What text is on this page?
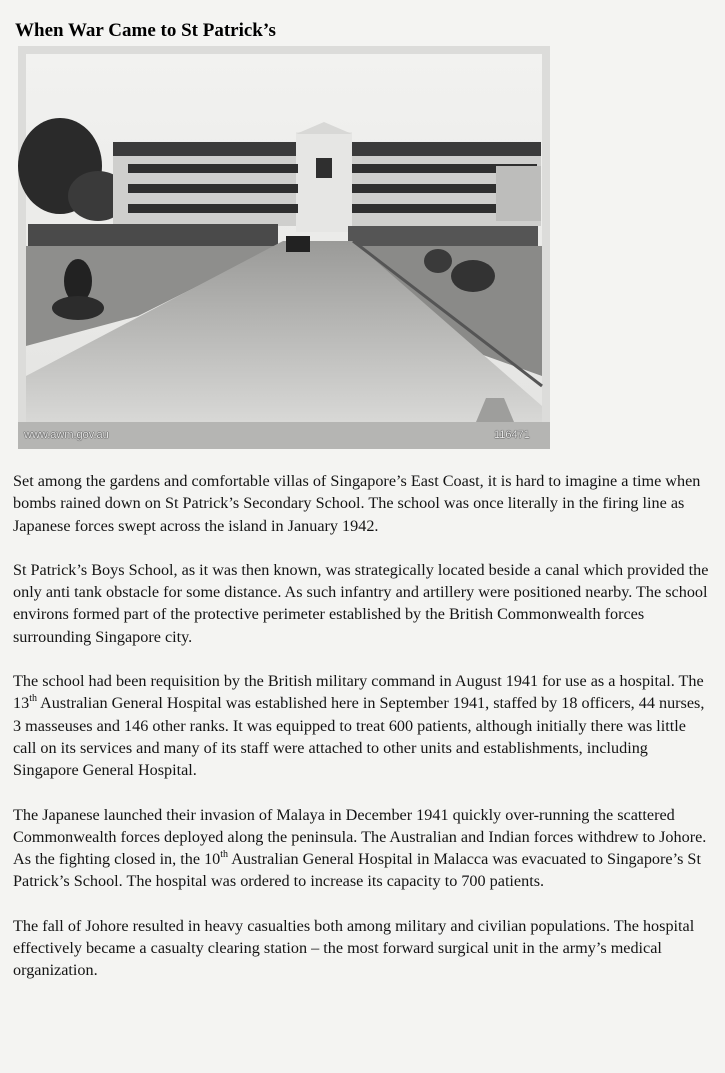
When War Came to St Patrick’s
www.awm.gov.au	116471

Set among the gardens and comfortable villas of Singapore’s East Coast, it is hard to imagine a time when bombs rained down on St Patrick’s Secondary School. The school was once literally in the firing line as Japanese forces swept across the island in January 1942.

St Patrick’s Boys School, as it was then known, was strategically located beside a canal which provided the only anti tank obstacle for some distance. As such infantry and artillery were positioned nearby. The school environs formed part of the protective perimeter established by the British Commonwealth forces surrounding Singapore city.

The school had been requisition by the British military command in August 1941 for use as a hospital. The 13th Australian General Hospital was established here in September 1941, staffed by 18 officers, 44 nurses, 3 masseuses and 146 other ranks. It was equipped to treat 600 patients, although initially there was little call on its services and many of its staff were attached to other units and establishments, including Singapore General Hospital.

The Japanese launched their invasion of Malaya in December 1941 quickly over-running the scattered Commonwealth forces deployed along the peninsula. The Australian and Indian forces withdrew to Johore. As the fighting closed in, the 10th Australian General Hospital in Malacca was evacuated to Singapore’s St Patrick’s School. The hospital was ordered to increase its capacity to 700 patients.

The fall of Johore resulted in heavy casualties both among military and civilian populations. The hospital effectively became a casualty clearing station – the most forward surgical unit in the army’s medical organization.
